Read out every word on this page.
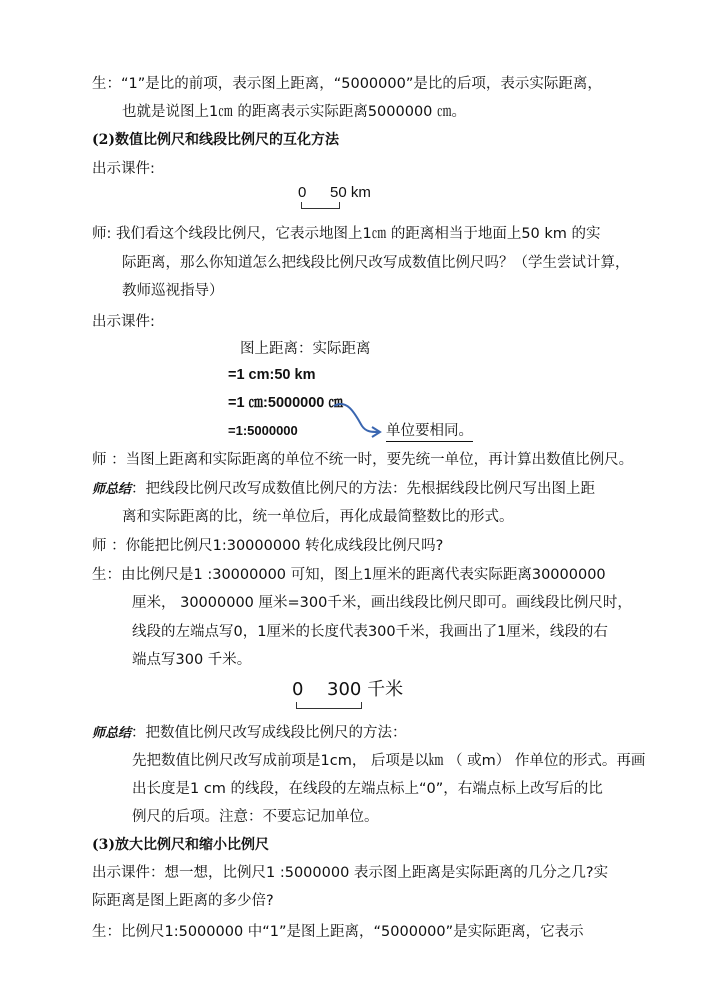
生：“1”是比的前项，表示图上距离，“5000000”是比的后项，表示实际距离，
也就是说图上1㎝ 的距离表示实际距离5000000 ㎝。
(2)数值比例尺和线段比例尺的互化方法
出示课件:
0 50 km
师: 我们看这个线段比例尺，它表示地图上1㎝ 的距离相当于地面上50 km 的实
际距离，那么你知道怎么把线段比例尺改写成数值比例尺吗？（学生尝试计算，
教师巡视指导）
出示课件:
图上距离：实际距离
=1 cm:50 km
=1 ㎝:5000000 ㎝
=1:5000000	单位要相同。
师 ：当图上距离和实际距离的单位不统一时，要先统一单位，再计算出数值比例尺。
师总结：把线段比例尺改写成数值比例尺的方法：先根据线段比例尺写出图上距
离和实际距离的比，统一单位后，再化成最简整数比的形式。
师 ：你能把比例尺1:30000000 转化成线段比例尺吗?
生：由比例尺是1 :30000000 可知，图上1厘米的距离代表实际距离30000000
厘米， 30000000 厘米=300千米，画出线段比例尺即可。画线段比例尺时，
线段的左端点写0，1厘米的长度代表300千米，我画出了1厘米，线段的右
端点写300 千米。
0 300 千米
师总结：把数值比例尺改写成线段比例尺的方法：
先把数值比例尺改写成前项是1cm， 后项是以㎞ （ 或m） 作单位的形式。再画
出长度是1 cm 的线段，在线段的左端点标上“0”，右端点标上改写后的比
例尺的后项。注意：不要忘记加单位。
(3)放大比例尺和缩小比例尺
出示课件：想一想，比例尺1 :5000000 表示图上距离是实际距离的几分之几?实
际距离是图上距离的多少倍?
生：比例尺1:5000000 中“1”是图上距离，“5000000”是实际距离，它表示
